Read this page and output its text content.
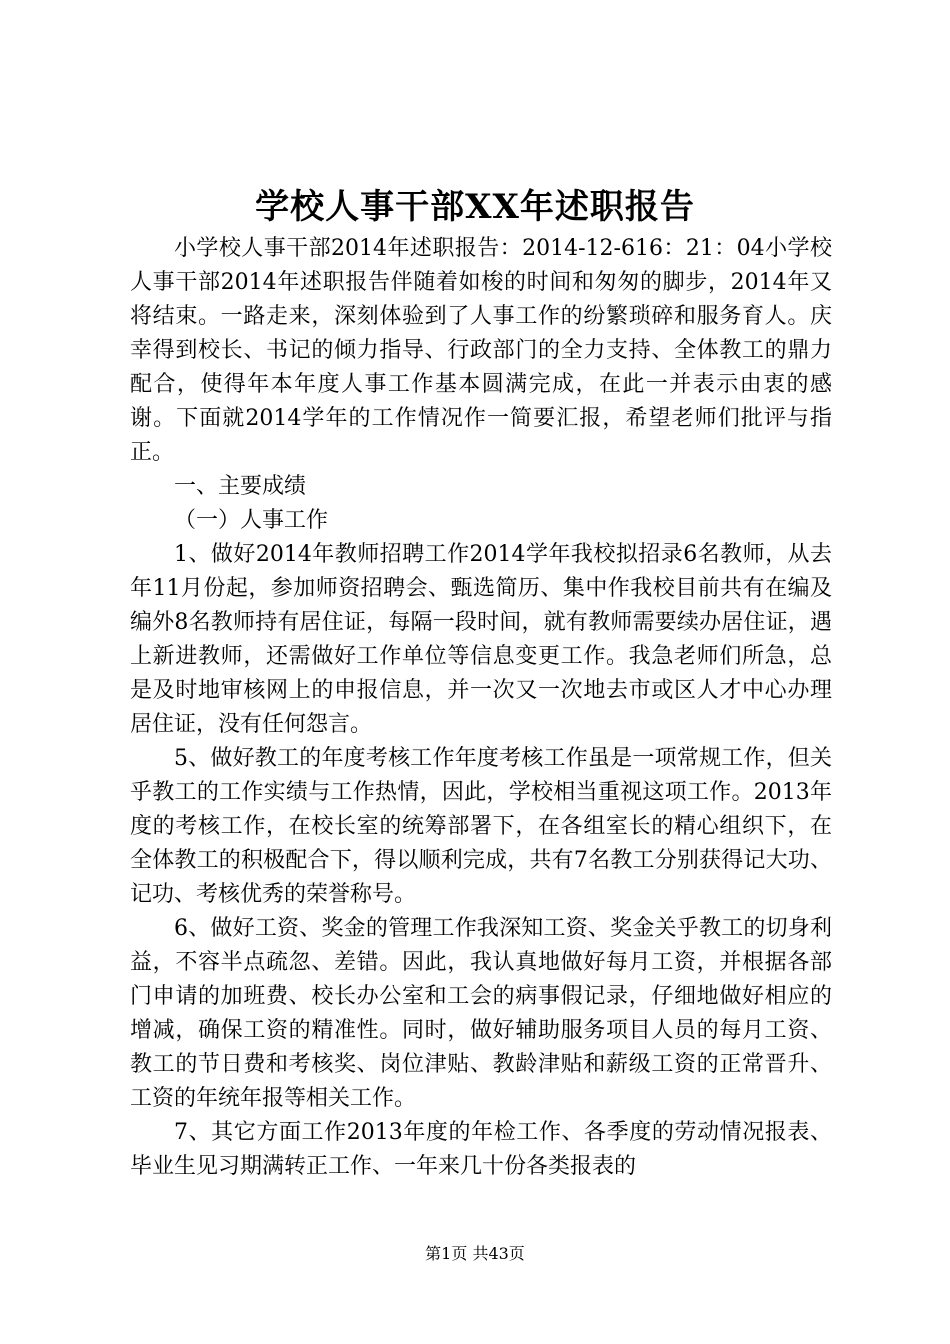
学校人事干部XX年述职报告

小学校人事干部2014年述职报告：2014-12-616：21：04小学校人事干部2014年述职报告伴随着如梭的时间和匆匆的脚步，2014年又将结束。一路走来，深刻体验到了人事工作的纷繁琐碎和服务育人。庆幸得到校长、书记的倾力指导、行政部门的全力支持、全体教工的鼎力配合，使得年本年度人事工作基本圆满完成，在此一并表示由衷的感谢。下面就2014学年的工作情况作一简要汇报，希望老师们批评与指正。

一、主要成绩

（一）人事工作

1、做好2014年教师招聘工作2014学年我校拟招录6名教师，从去年11月份起，参加师资招聘会、甄选简历、集中作我校目前共有在编及编外8名教师持有居住证，每隔一段时间，就有教师需要续办居住证，遇上新进教师，还需做好工作单位等信息变更工作。我急老师们所急，总是及时地审核网上的申报信息，并一次又一次地去市或区人才中心办理居住证，没有任何怨言。

5、做好教工的年度考核工作年度考核工作虽是一项常规工作，但关乎教工的工作实绩与工作热情，因此，学校相当重视这项工作。2013年度的考核工作，在校长室的统筹部署下，在各组室长的精心组织下，在全体教工的积极配合下，得以顺利完成，共有7名教工分别获得记大功、记功、考核优秀的荣誉称号。

6、做好工资、奖金的管理工作我深知工资、奖金关乎教工的切身利益，不容半点疏忽、差错。因此，我认真地做好每月工资，并根据各部门申请的加班费、校长办公室和工会的病事假记录，仔细地做好相应的增减，确保工资的精准性。同时，做好辅助服务项目人员的每月工资、教工的节日费和考核奖、岗位津贴、教龄津贴和薪级工资的正常晋升、工资的年统年报等相关工作。

7、其它方面工作2013年度的年检工作、各季度的劳动情况报表、毕业生见习期满转正工作、一年来几十份各类报表的

第1页 共43页
